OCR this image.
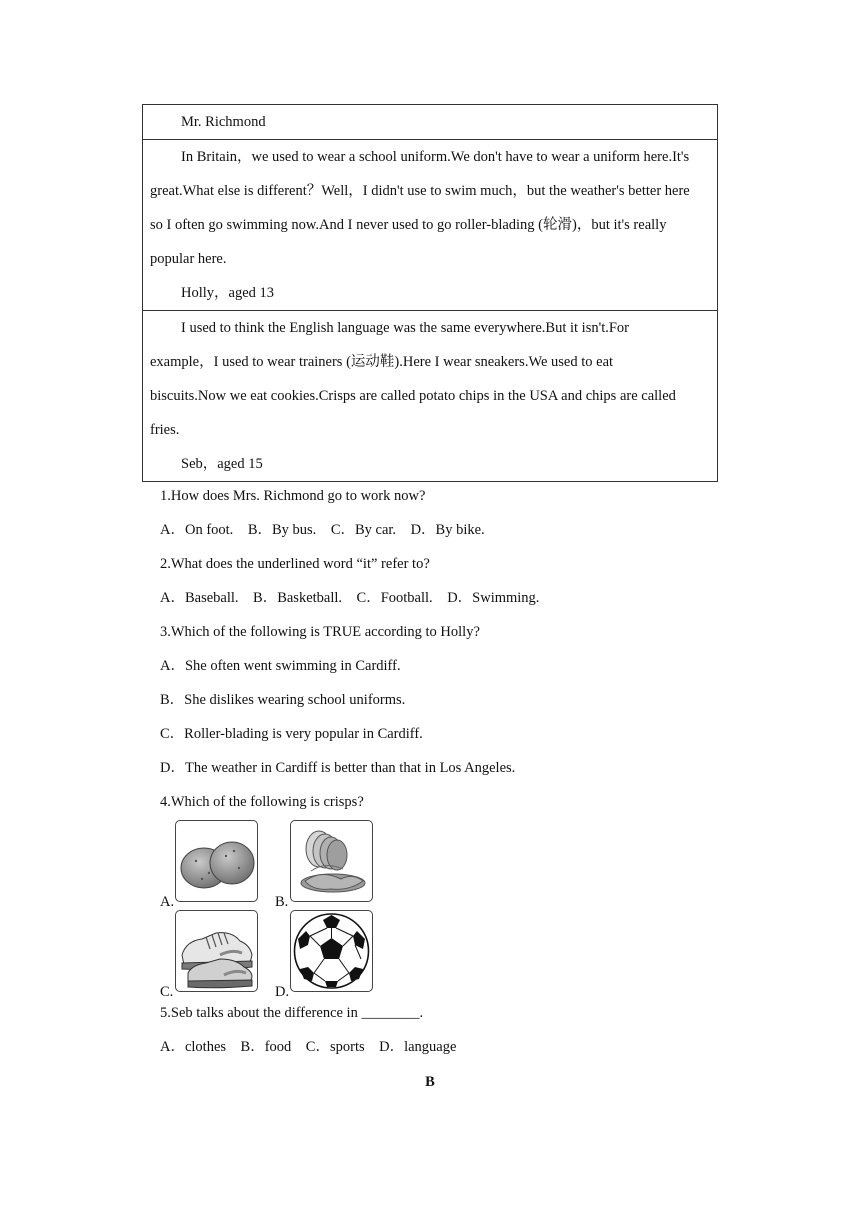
Mr. Richmond
In Britain，we used to wear a school uniform.We don't have to wear a uniform here.It's
great.What else is different？Well，I didn't use to swim much，but the weather's better here
so I often go swimming now.And I never used to go roller-blading (轮滑)，but it's really
popular here.
Holly，aged 13
I used to think the English language was the same everywhere.But it isn't.For
example，I used to wear trainers (运动鞋).Here I wear sneakers.We used to eat
biscuits.Now we eat cookies.Crisps are called potato chips in the USA and chips are called
fries.
Seb，aged 15
1.How does Mrs. Richmond go to work now?
A．On foot. B．By bus. C．By car. D．By bike.
2.What does the underlined word “it” refer to?
A．Baseball. B．Basketball. C．Football. D．Swimming.
3.Which of the following is TRUE according to Holly?
A．She often went swimming in Cardiff.
B．She dislikes wearing school uniforms.
C．Roller-blading is very popular in Cardiff.
D．The weather in Cardiff is better than that in Los Angeles.
4.Which of the following is crisps?
A.	B.
C.	D.
5.Seb talks about the difference in ________.
A．clothes B．food C．sports D．language
B
